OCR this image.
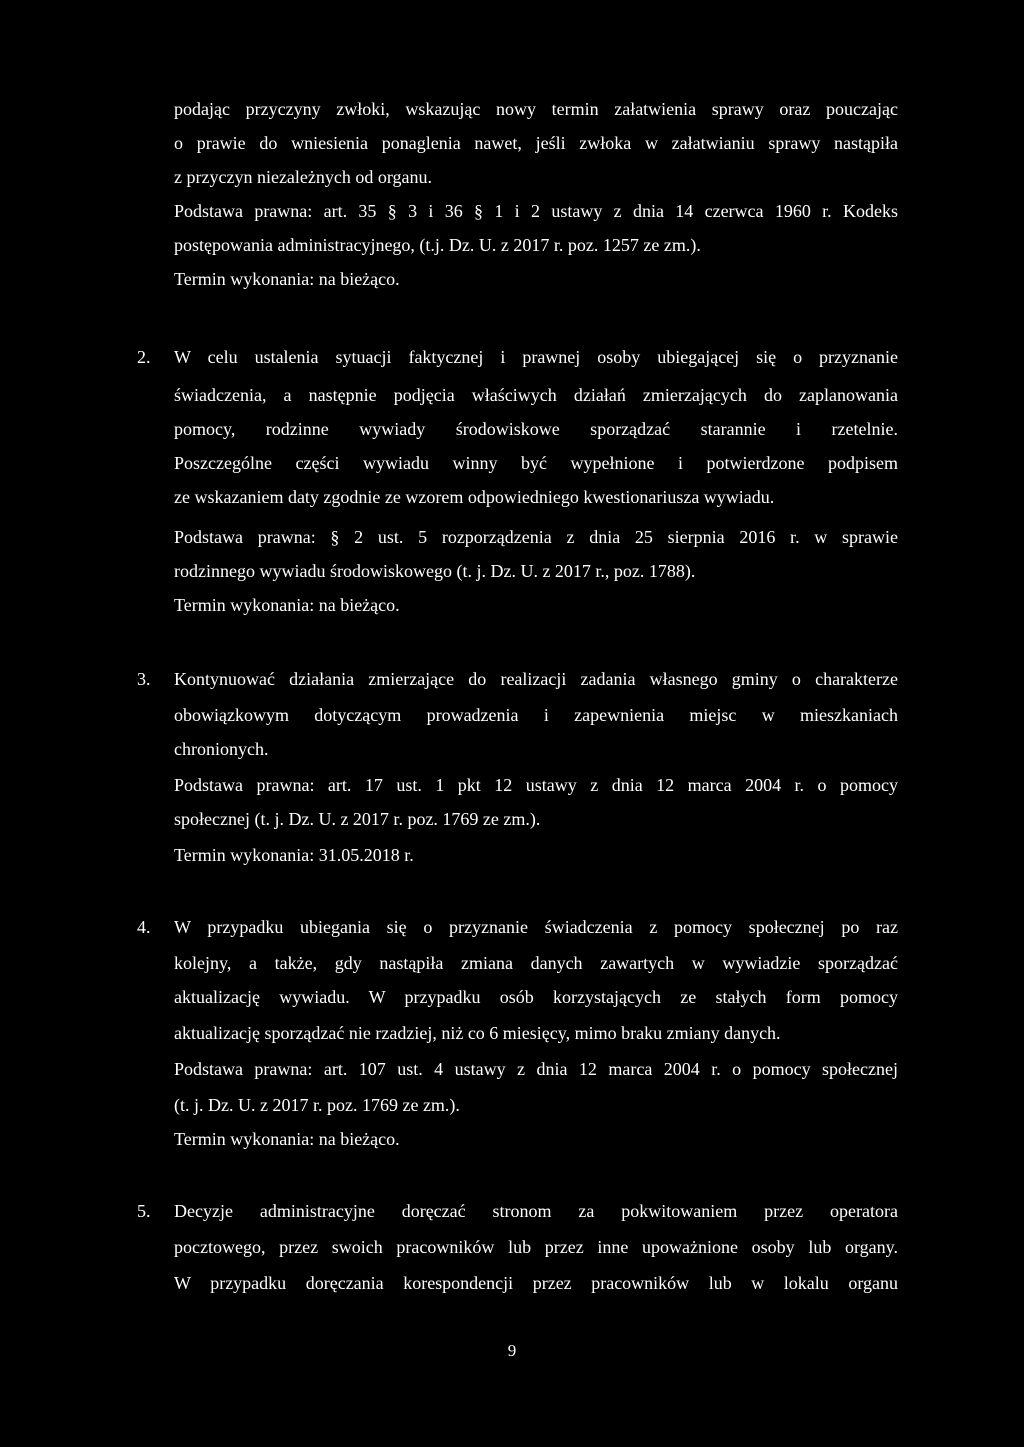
podając przyczyny zwłoki, wskazując nowy termin załatwienia sprawy oraz pouczając
o prawie do wniesienia ponaglenia nawet, jeśli zwłoka w załatwianiu sprawy nastąpiła
z przyczyn niezależnych od organu.
Podstawa prawna: art. 35 § 3 i 36 § 1 i 2 ustawy z dnia 14 czerwca 1960 r. Kodeks
postępowania administracyjnego, (t.j. Dz. U. z 2017 r. poz. 1257 ze zm.).
Termin wykonania: na bieżąco.
2. W celu ustalenia sytuacji faktycznej i prawnej osoby ubiegającej się o przyznanie
świadczenia, a następnie podjęcia właściwych działań zmierzających do zaplanowania
pomocy, rodzinne wywiady środowiskowe sporządzać starannie i rzetelnie.
Poszczególne części wywiadu winny być wypełnione i potwierdzone podpisem
ze wskazaniem daty zgodnie ze wzorem odpowiedniego kwestionariusza wywiadu.
Podstawa prawna: § 2 ust. 5 rozporządzenia z dnia 25 sierpnia 2016 r. w sprawie
rodzinnego wywiadu środowiskowego (t. j. Dz. U. z 2017 r., poz. 1788).
Termin wykonania: na bieżąco.
3. Kontynuować działania zmierzające do realizacji zadania własnego gminy o charakterze
obowiązkowym dotyczącym prowadzenia i zapewnienia miejsc w mieszkaniach
chronionych.
Podstawa prawna: art. 17 ust. 1 pkt 12 ustawy z dnia 12 marca 2004 r. o pomocy
społecznej (t. j. Dz. U. z 2017 r. poz. 1769 ze zm.).
Termin wykonania: 31.05.2018 r.
4. W przypadku ubiegania się o przyznanie świadczenia z pomocy społecznej po raz
kolejny, a także, gdy nastąpiła zmiana danych zawartych w wywiadzie sporządzać
aktualizację wywiadu. W przypadku osób korzystających ze stałych form pomocy
aktualizację sporządzać nie rzadziej, niż co 6 miesięcy, mimo braku zmiany danych.
Podstawa prawna: art. 107 ust. 4 ustawy z dnia 12 marca 2004 r. o pomocy społecznej
(t. j. Dz. U. z 2017 r. poz. 1769 ze zm.).
Termin wykonania: na bieżąco.
5. Decyzje administracyjne doręczać stronom za pokwitowaniem przez operatora
pocztowego, przez swoich pracowników lub przez inne upoważnione osoby lub organy.
W przypadku doręczania korespondencji przez pracowników lub w lokalu organu
9
